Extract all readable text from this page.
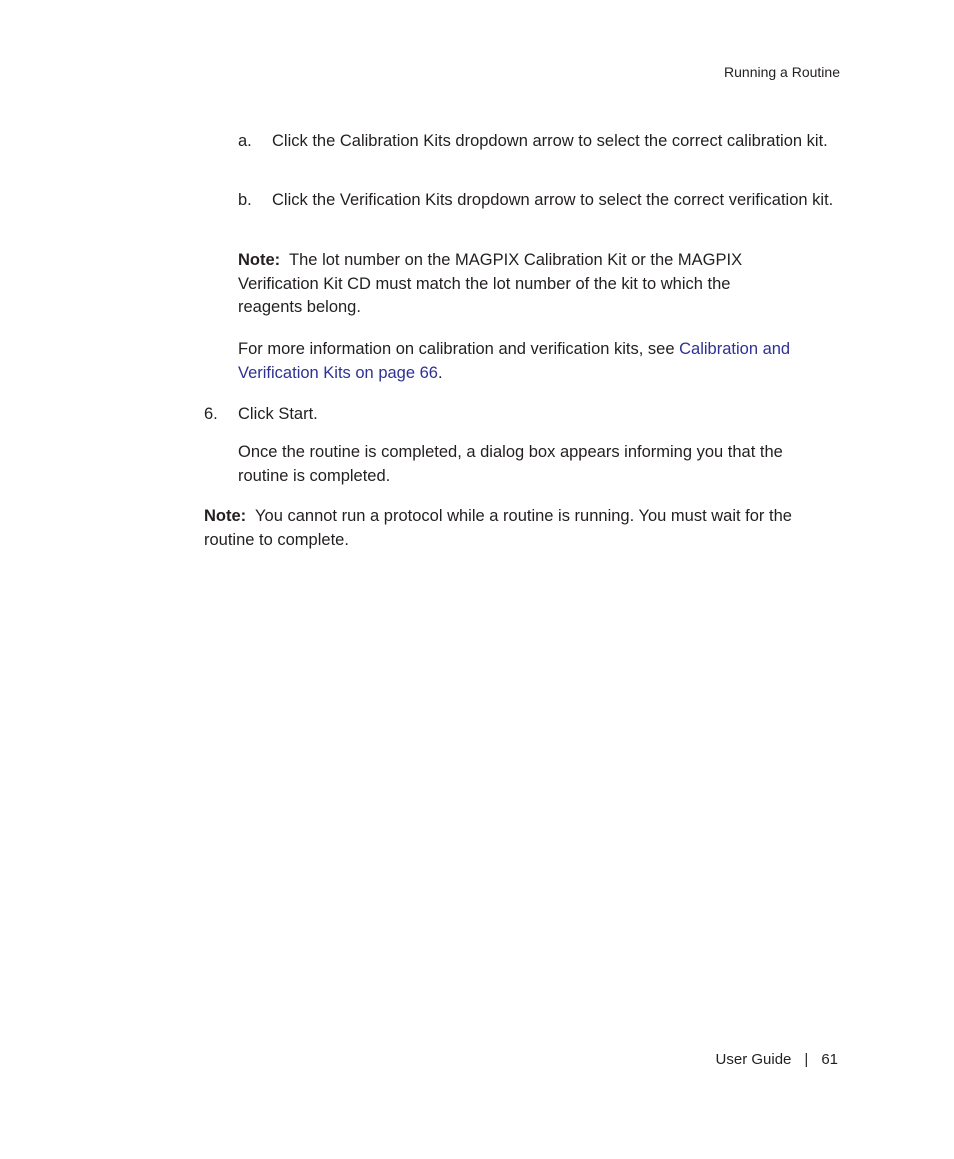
Running a Routine
a. Click the Calibration Kits dropdown arrow to select the correct calibration kit.
b. Click the Verification Kits dropdown arrow to select the correct verification kit.

Note: The lot number on the MAGPIX Calibration Kit or the MAGPIX Verification Kit CD must match the lot number of the kit to which the reagents belong.

For more information on calibration and verification kits, see Calibration and Verification Kits on page 66.

6. Click Start.

Once the routine is completed, a dialog box appears informing you that the routine is completed.

Note: You cannot run a protocol while a routine is running. You must wait for the routine to complete.

User Guide | 61
